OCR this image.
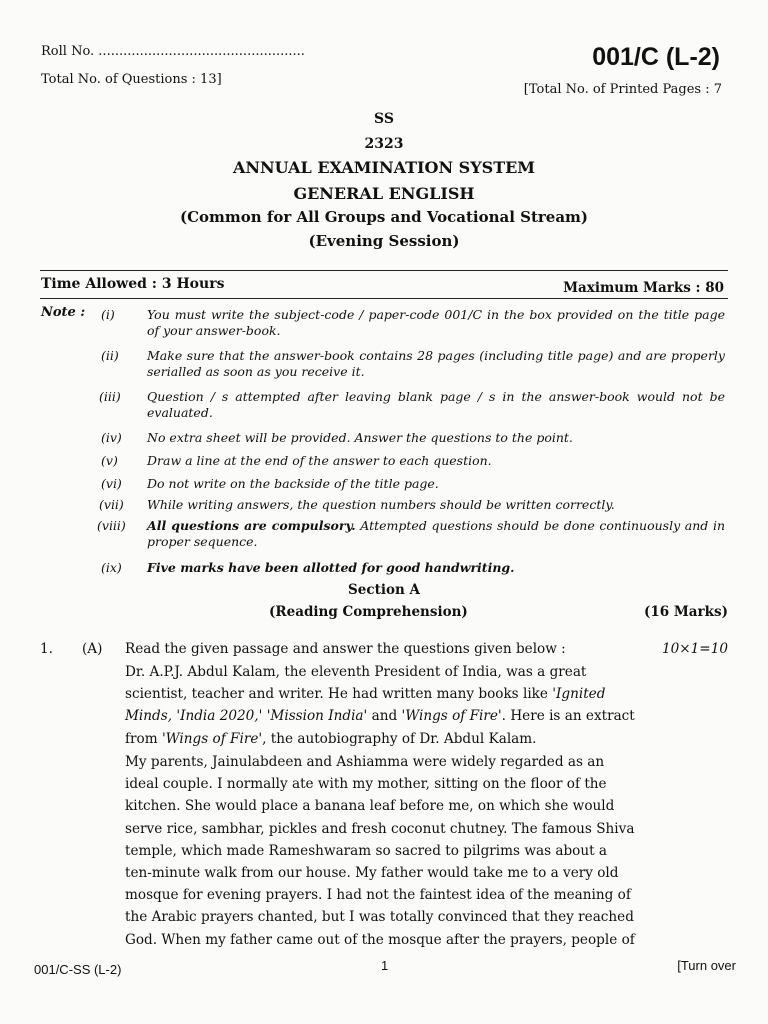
Roll No. ..................................................
Total No. of Questions : 13]
001/C (L-2)
[Total No. of Printed Pages : 7
SS
2323
ANNUAL EXAMINATION SYSTEM
GENERAL ENGLISH
(Common for All Groups and Vocational Stream)
(Evening Session)
Time Allowed : 3 Hours	Maximum Marks : 80
Note : (i)	You must write the subject-code / paper-code 001/C in the box provided on the title page of your answer-book.
(ii) Make sure that the answer-book contains 28 pages (including title page) and are properly serialled as soon as you receive it.
(iii) Question / s attempted after leaving blank page / s in the answer-book would not be evaluated.
(iv) No extra sheet will be provided. Answer the questions to the point.
(v) Draw a line at the end of the answer to each question.
(vi) Do not write on the backside of the title page.
(vii) While writing answers, the question numbers should be written correctly.
(viii) All questions are compulsory. Attempted questions should be done continuously and in proper sequence.
(ix) Five marks have been allotted for good handwriting.
Section A
(Reading Comprehension)	(16 Marks)
1. (A) Read the given passage and answer the questions given below :	10×1=10
Dr. A.P.J. Abdul Kalam, the eleventh President of India, was a great
scientist, teacher and writer. He had written many books like 'Ignited
Minds, 'India 2020,' 'Mission India' and 'Wings of Fire'. Here is an extract
from 'Wings of Fire', the autobiography of Dr. Abdul Kalam.
My parents, Jainulabdeen and Ashiamma were widely regarded as an
ideal couple. I normally ate with my mother, sitting on the floor of the
kitchen. She would place a banana leaf before me, on which she would
serve rice, sambhar, pickles and fresh coconut chutney. The famous Shiva
temple, which made Rameshwaram so sacred to pilgrims was about a
ten-minute walk from our house. My father would take me to a very old
mosque for evening prayers. I had not the faintest idea of the meaning of
the Arabic prayers chanted, but I was totally convinced that they reached
God. When my father came out of the mosque after the prayers, people of
001/C-SS (L-2)	1	[Turn over
